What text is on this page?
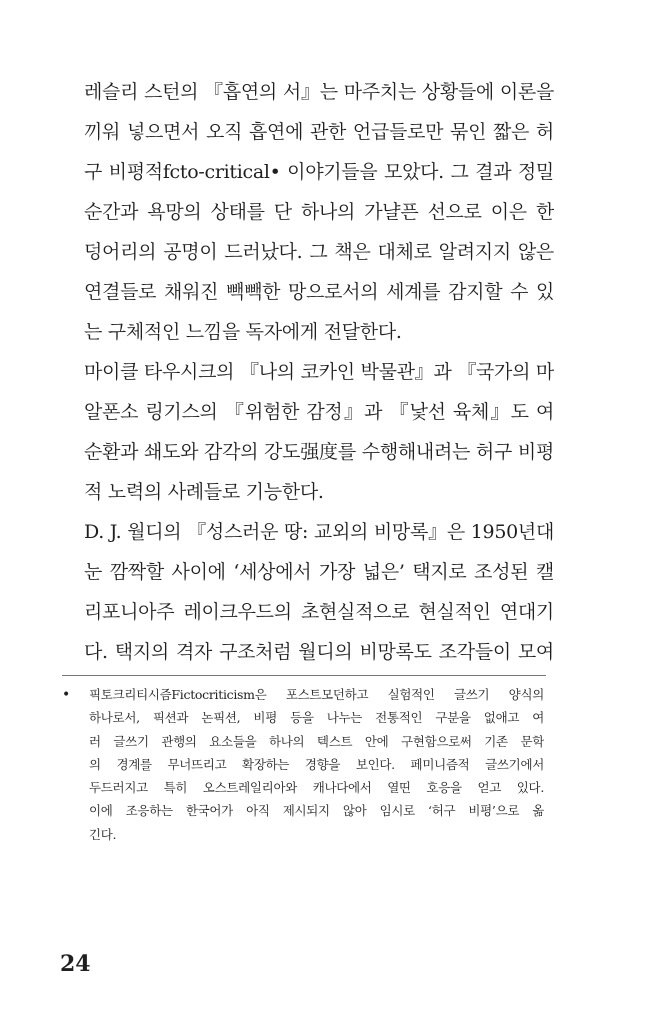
레슬리 스턴의 『흡연의 서』는 마주치는 상황들에 이론을
끼워 넣으면서 오직 흡연에 관한 언급들로만 묶인 짧은 허
구 비평적fcto-critical• 이야기들을 모았다. 그 결과 정밀
순간과 욕망의 상태를 단 하나의 가냘픈 선으로 이은 한
덩어리의 공명이 드러났다. 그 책은 대체로 알려지지 않은
연결들로 채워진 빽빽한 망으로서의 세계를 감지할 수 있
는 구체적인 느낌을 독자에게 전달한다.
마이클 타우시크의 『나의 코카인 박물관』과 『국가의 마
알폰소 링기스의 『위험한 감정』과 『낯선 육체』도 여
순환과 쇄도와 감각의 강도强度를 수행해내려는 허구 비평
적 노력의 사례들로 기능한다.
D. J. 월디의 『성스러운 땅: 교외의 비망록』은 1950년대
눈 깜짝할 사이에 ‘세상에서 가장 넓은’ 택지로 조성된 캘
리포니아주 레이크우드의 초현실적으로 현실적인 연대기
다. 택지의 격자 구조처럼 월디의 비망록도 조각들이 모여
• 픽토크리티시즘Fictocriticism은 포스트모던하고 실험적인 글쓰기 양식의
하나로서, 픽션과 논픽션, 비평 등을 나누는 전통적인 구분을 없애고 여
러 글쓰기 관행의 요소들을 하나의 텍스트 안에 구현함으로써 기존 문학
의 경계를 무너뜨리고 확장하는 경향을 보인다. 페미니즘적 글쓰기에서
두드러지고 특히 오스트레일리아와 캐나다에서 열띤 호응을 얻고 있다.
이에 조응하는 한국어가 아직 제시되지 않아 임시로 ‘허구 비평’으로 옮
긴다.
24
